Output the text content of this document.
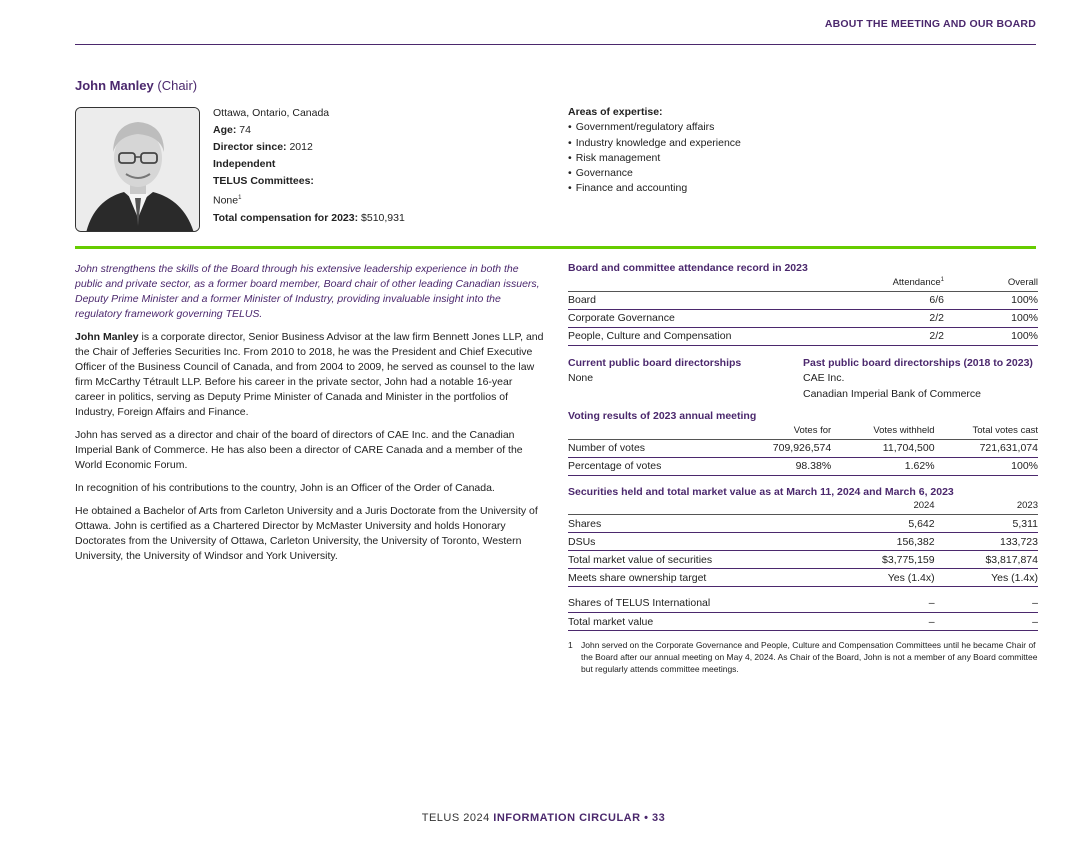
ABOUT THE MEETING AND OUR BOARD
John Manley (Chair)
Ottawa, Ontario, Canada
Age: 74
Director since: 2012
Independent
TELUS Committees:
None$^1$
Total compensation for 2023: $510,931
Areas of expertise:
• Government/regulatory affairs
• Industry knowledge and experience
• Risk management
• Governance
• Finance and accounting

John strengthens the skills of the Board through his extensive leadership experience in both the public and private sector, as a former board member, Board chair of other leading Canadian issuers, Deputy Prime Minister and a former Minister of Industry, providing invaluable insight into the regulatory framework governing TELUS.

John Manley is a corporate director, Senior Business Advisor at the law firm Bennett Jones LLP, and the Chair of Jefferies Securities Inc. From 2010 to 2018, he was the President and Chief Executive Officer of the Business Council of Canada, and from 2004 to 2009, he served as counsel to the law firm McCarthy Tétrault LLP. Before his career in the private sector, John had a notable 16-year career in politics, serving as Deputy Prime Minister of Canada and Minister in the portfolios of Industry, Foreign Affairs and Finance.

John has served as a director and chair of the board of directors of CAE Inc. and the Canadian Imperial Bank of Commerce. He has also been a director of CARE Canada and a member of the World Economic Forum.

In recognition of his contributions to the country, John is an Officer of the Order of Canada.

He obtained a Bachelor of Arts from Carleton University and a Juris Doctorate from the University of Ottawa. John is certified as a Chartered Director by McMaster University and holds Honorary Doctorates from the University of Ottawa, Carleton University, the University of Toronto, Western University, the University of Windsor and York University.

Board and committee attendance record in 2023
	Attendance$^1$	Overall
Board	6/6	100%
Corporate Governance	2/2	100%
People, Culture and Compensation	2/2	100%
Current public board directorships
None
Past public board directorships (2018 to 2023)
CAE Inc.
Canadian Imperial Bank of Commerce
Voting results of 2023 annual meeting
	Votes for	Votes withheld	Total votes cast
Number of votes	709,926,574	11,704,500	721,631,074
Percentage of votes	98.38%	1.62%	100%
Securities held and total market value as at March 11, 2024 and March 6, 2023
	2024	2023
Shares	5,642	5,311
DSUs	156,382	133,723
Total market value of securities	$3,775,159	$3,817,874
Meets share ownership target	Yes (1.4x)	Yes (1.4x)

Shares of TELUS International	–	–
Total market value	–	–
1 John served on the Corporate Governance and People, Culture and Compensation Committees until he became Chair of the Board after our annual meeting on May 4, 2024. As Chair of the Board, John is not a member of any Board committee but regularly attends committee meetings.
TELUS 2024 INFORMATION CIRCULAR • 33
